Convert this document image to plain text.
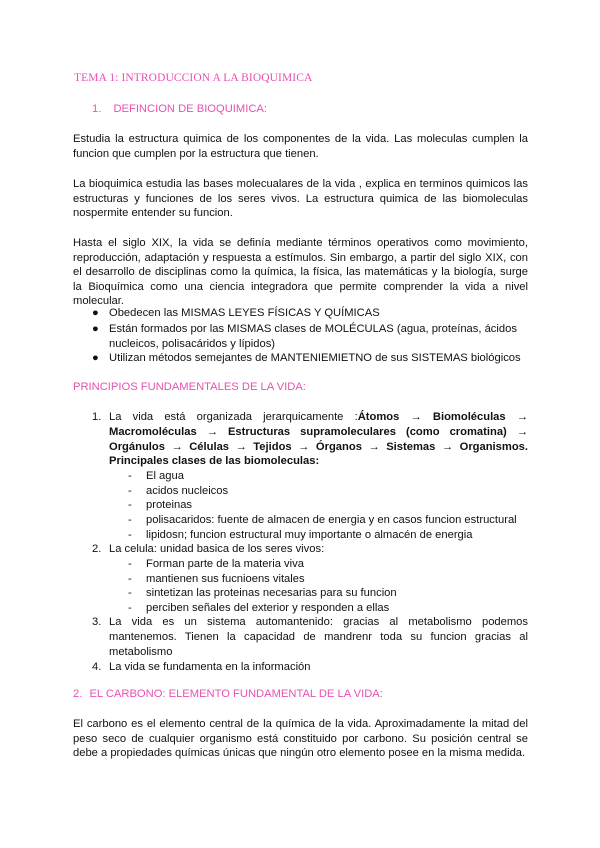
TEMA 1: INTRODUCCION A LA BIOQUIMICA
1. DEFINCION DE BIOQUIMICA:
Estudia la estructura quimica de los componentes de la vida. Las moleculas cumplen la funcion que cumplen por la estructura que tienen.
La bioquimica estudia las bases molecualares de la vida , explica en terminos quimicos las estructuras y funciones de los seres vivos. La estructura quimica de las biomoleculas nospermite entender su funcion.
Hasta el siglo XIX, la vida se definía mediante términos operativos como movimiento, reproducción, adaptación y respuesta a estímulos. Sin embargo, a partir del siglo XIX, con el desarrollo de disciplinas como la química, la física, las matemáticas y la biología, surge la Bioquímica como una ciencia integradora que permite comprender la vida a nivel molecular.
● Obedecen las MISMAS LEYES FÍSICAS Y QUÍMICAS
● Están formados por las MISMAS clases de MOLÉCULAS (agua, proteínas, ácidos nucleicos, polisacáridos y lípidos)
● Utilizan métodos semejantes de MANTENIEMIETNO de sus SISTEMAS biológicos
PRINCIPIOS FUNDAMENTALES DE LA VIDA:
1. La vida está organizada jerarquicamente :Átomos → Biomoléculas → Macromoléculas → Estructuras supramoleculares (como cromatina) → Orgánulos → Células → Tejidos → Órganos → Sistemas → Organismos. Principales clases de las biomoleculas:
- El agua
- acidos nucleicos
- proteinas
- polisacaridos: fuente de almacen de energia y en casos funcion estructural
- lipidosn; funcion estructural muy importante o almacén de energia
2. La celula: unidad basica de los seres vivos:
- Forman parte de la materia viva
- mantienen sus fucnioens vitales
- sintetizan las proteinas necesarias para su funcion
- perciben señales del exterior y responden a ellas
3. La vida es un sistema automantenido: gracias al metabolismo podemos mantenemos. Tienen la capacidad de mandrenr toda su funcion gracias al metabolismo
4. La vida se fundamenta en la información
2. EL CARBONO: ELEMENTO FUNDAMENTAL DE LA VIDA:
El carbono es el elemento central de la química de la vida. Aproximadamente la mitad del peso seco de cualquier organismo está constituido por carbono. Su posición central se debe a propiedades químicas únicas que ningún otro elemento posee en la misma medida.
